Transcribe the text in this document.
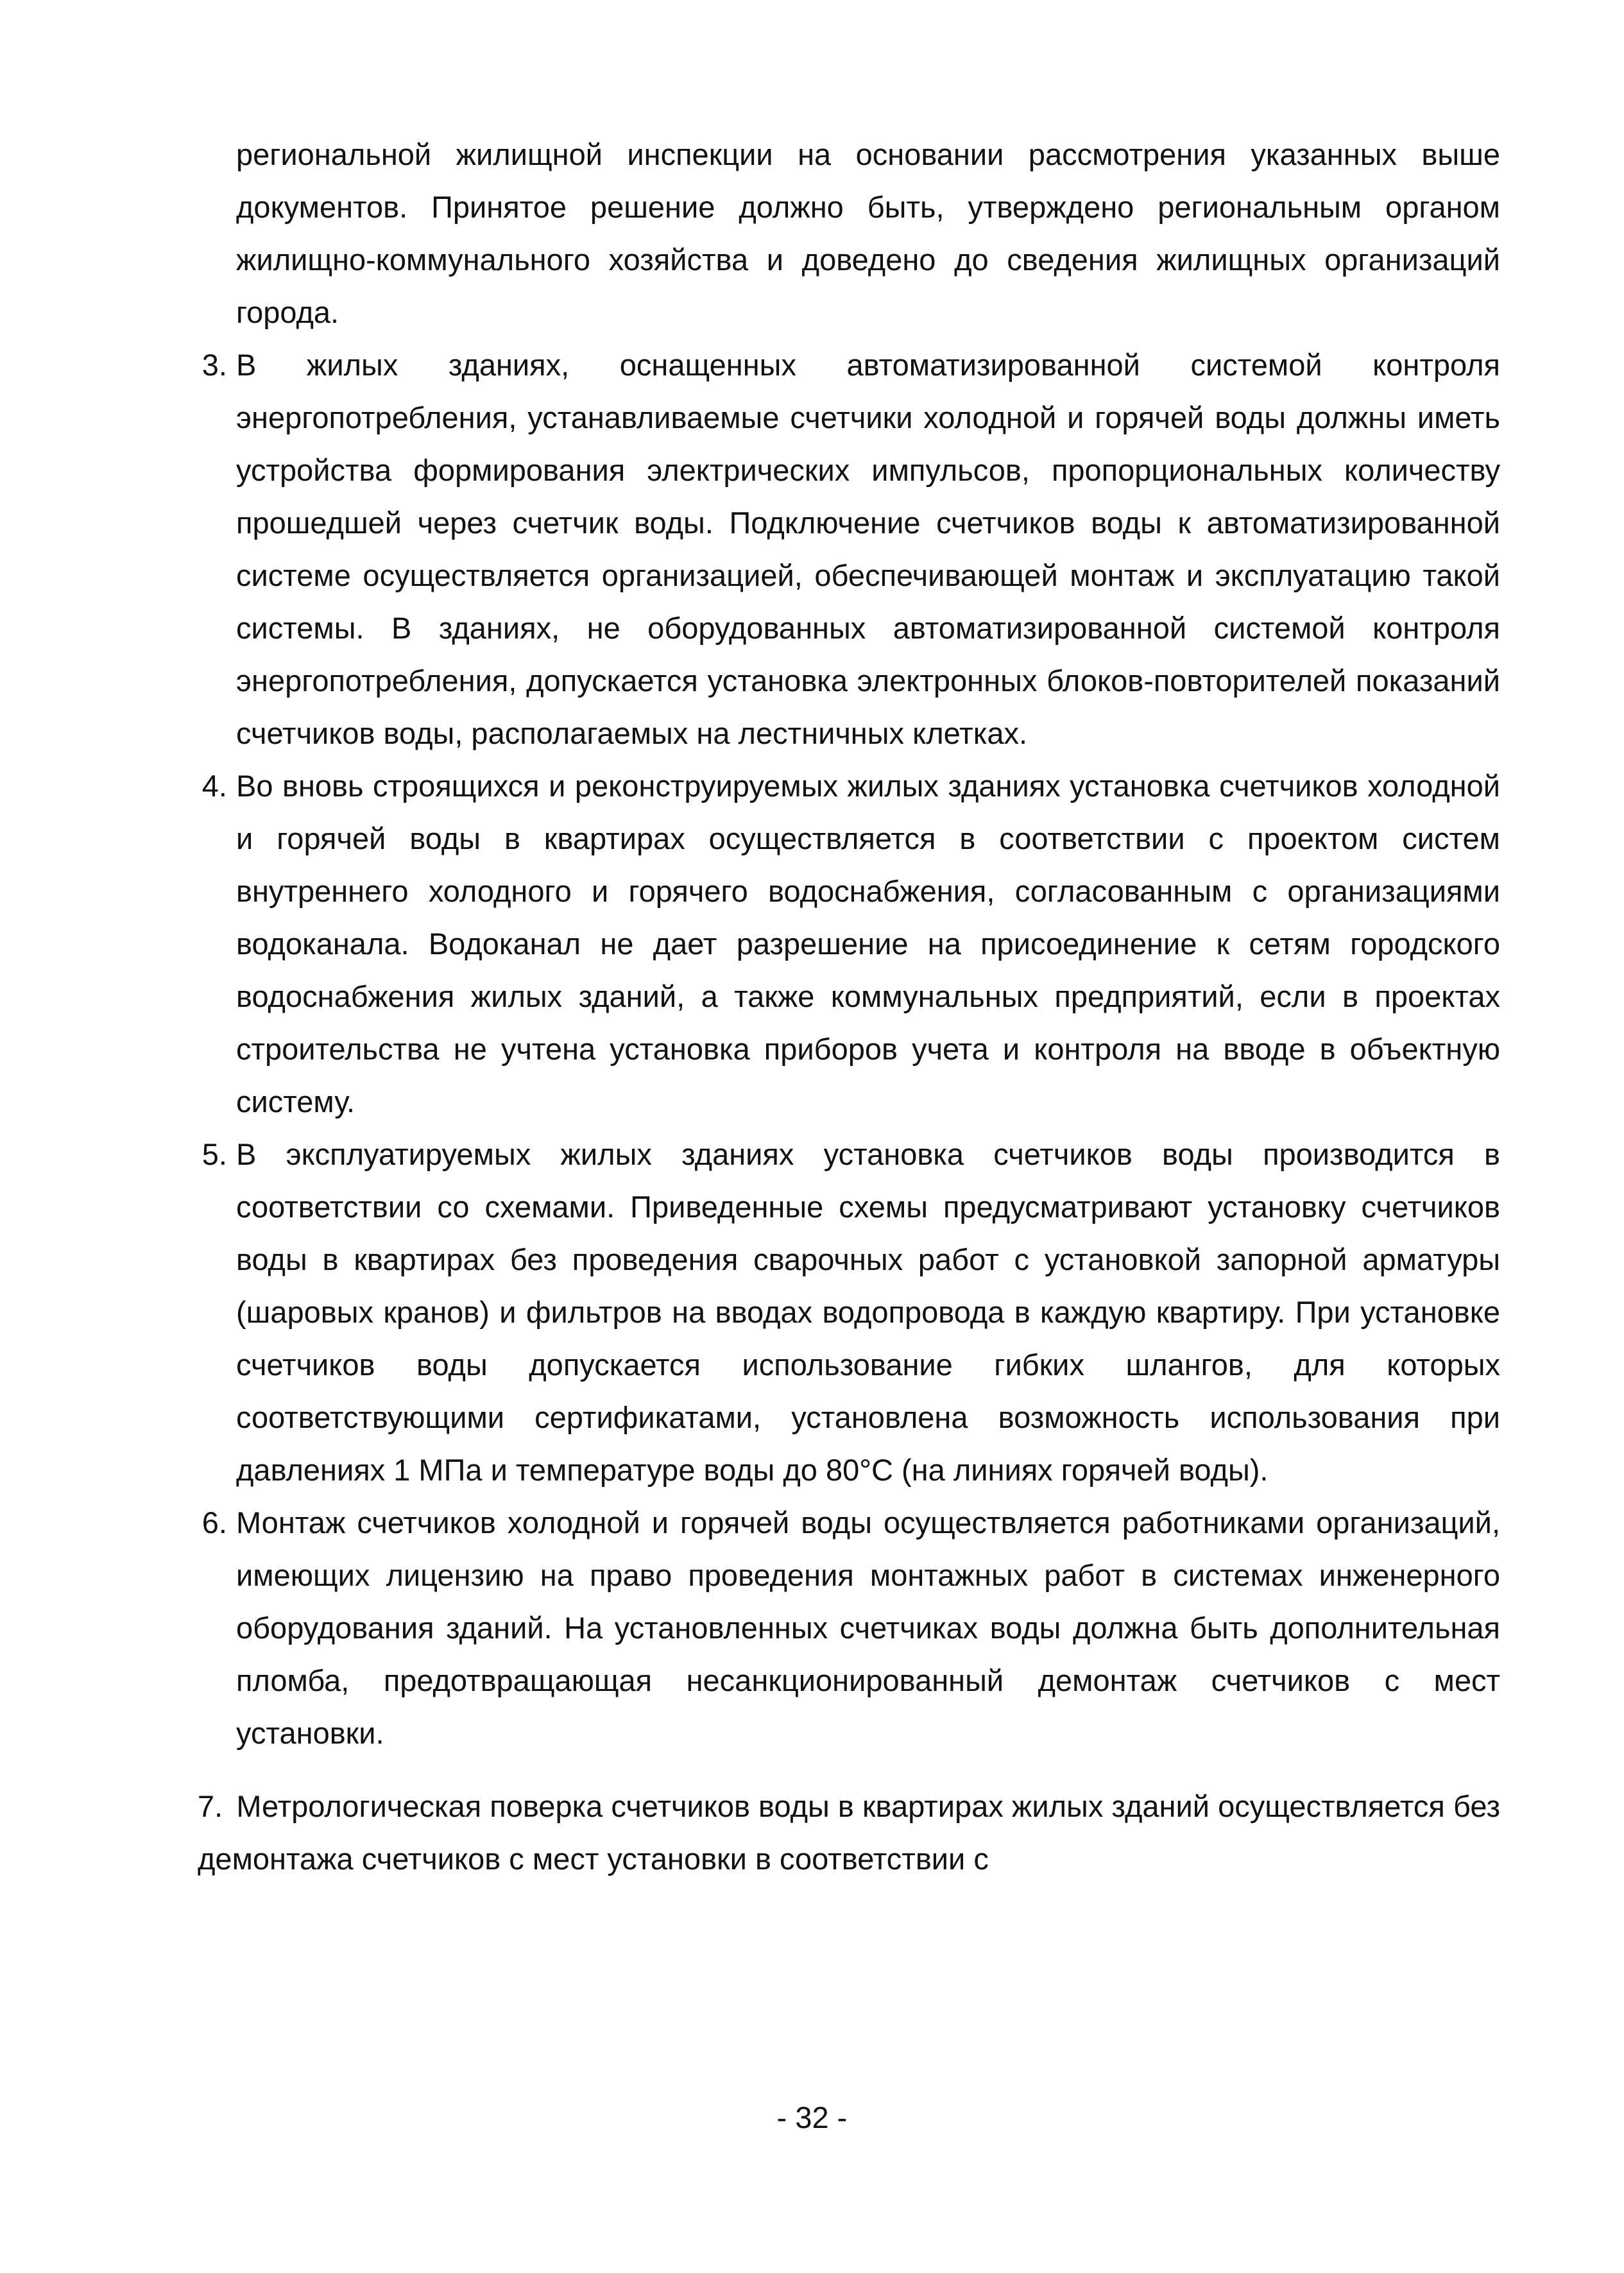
региональной жилищной инспекции на основании рассмотрения указанных выше документов. Принятое решение должно быть, утверждено региональным органом жилищно-коммунального хозяйства и доведено до сведения жилищных организаций города.

3. В жилых зданиях, оснащенных автоматизированной системой контроля энергопотребления, устанавливаемые счетчики холодной и горячей воды должны иметь устройства формирования электрических импульсов, пропорциональных количеству прошедшей через счетчик воды. Подключение счетчиков воды к автоматизированной системе осуществляется организацией, обеспечивающей монтаж и эксплуатацию такой системы. В зданиях, не оборудованных автоматизированной системой контроля энергопотребления, допускается установка электронных блоков-повторителей показаний счетчиков воды, располагаемых на лестничных клетках.

4. Во вновь строящихся и реконструируемых жилых зданиях установка счетчиков холодной и горячей воды в квартирах осуществляется в соответствии с проектом систем внутреннего холодного и горячего водоснабжения, согласованным с организациями водоканала. Водоканал не дает разрешение на присоединение к сетям городского водоснабжения жилых зданий, а также коммунальных предприятий, если в проектах строительства не учтена установка приборов учета и контроля на вводе в объектную систему.

5. В эксплуатируемых жилых зданиях установка счетчиков воды производится в соответствии со схемами. Приведенные схемы предусматривают установку счетчиков воды в квартирах без проведения сварочных работ с установкой запорной арматуры (шаровых кранов) и фильтров на вводах водопровода в каждую квартиру. При установке счетчиков воды допускается использование гибких шлангов, для которых соответствующими сертификатами, установлена возможность использования при давлениях 1 МПа и температуре воды до 80°С (на линиях горячей воды).

6. Монтаж счетчиков холодной и горячей воды осуществляется работниками организаций, имеющих лицензию на право проведения монтажных работ в системах инженерного оборудования зданий. На установленных счетчиках воды должна быть дополнительная пломба, предотвращающая несанкционированный демонтаж счетчиков с мест установки.

7. Метрологическая поверка счетчиков воды в квартирах жилых зданий осуществляется без демонтажа счетчиков с мест установки в соответствии с

- 32 -
